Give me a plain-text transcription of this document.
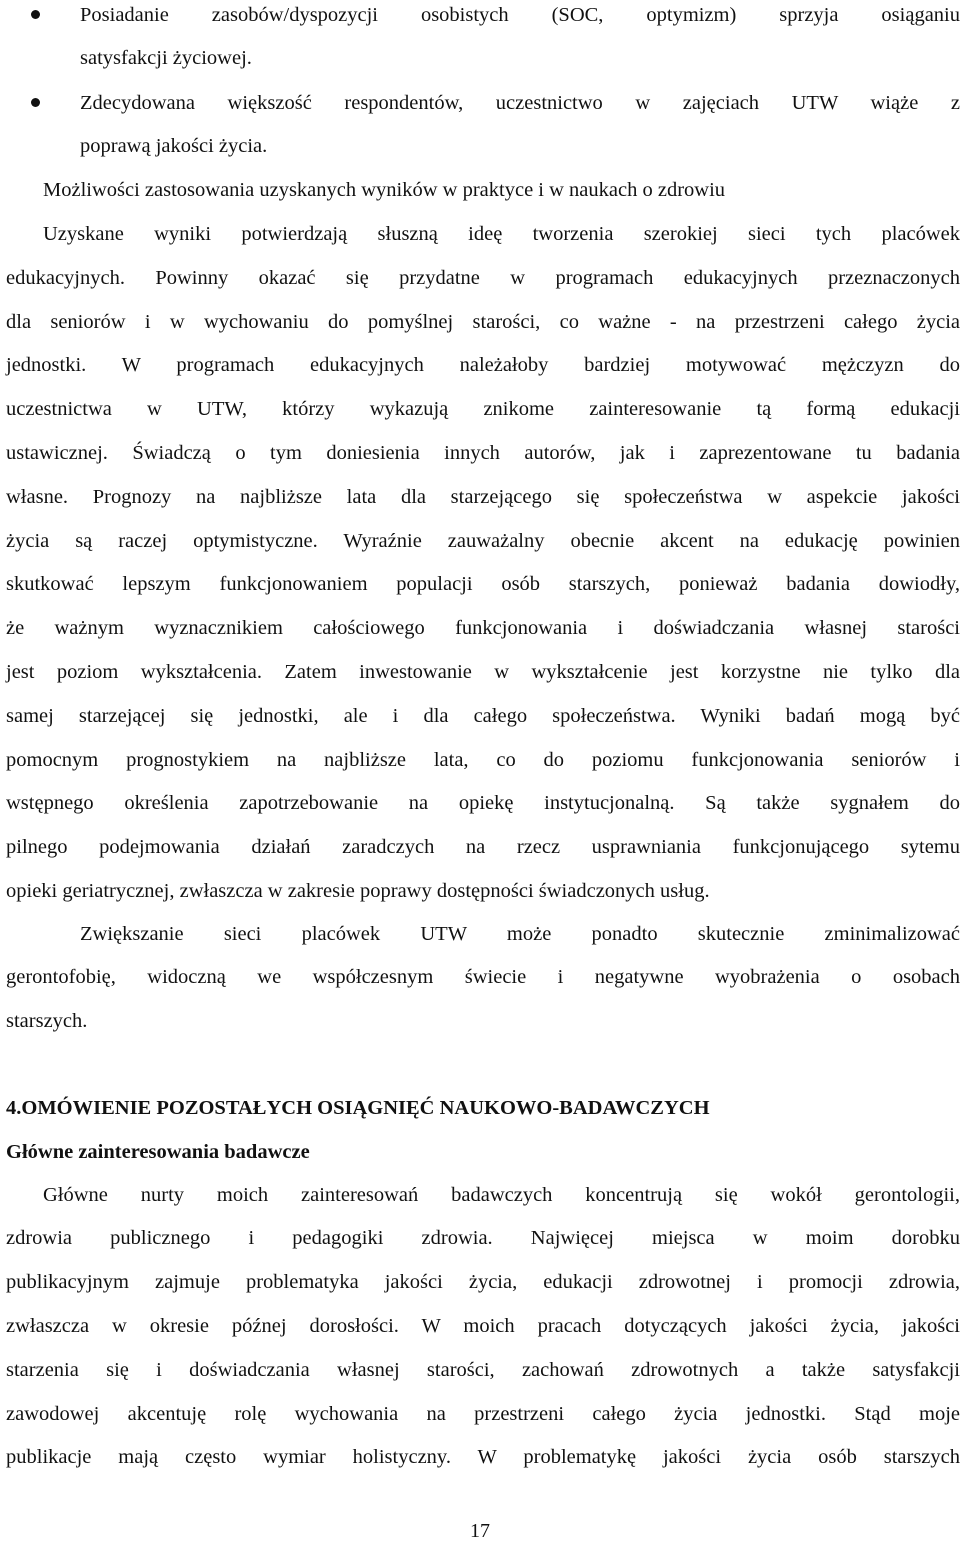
Posiadanie zasobów/dyspozycji osobistych (SOC, optymizm) sprzyja osiąganiu
satysfakcji życiowej.
Zdecydowana większość respondentów, uczestnictwo w zajęciach UTW wiąże z
poprawą jakości życia.
Możliwości zastosowania uzyskanych wyników w praktyce i w naukach o zdrowiu
Uzyskane wyniki potwierdzają słuszną ideę tworzenia szerokiej sieci tych placówek
edukacyjnych. Powinny okazać się przydatne w programach edukacyjnych przeznaczonych
dla seniorów i w wychowaniu do pomyślnej starości, co ważne - na przestrzeni całego życia
jednostki. W programach edukacyjnych należałoby bardziej motywować mężczyzn do
uczestnictwa w UTW, którzy wykazują znikome zainteresowanie tą formą edukacji
ustawicznej. Świadczą o tym doniesienia innych autorów, jak i zaprezentowane tu badania
własne. Prognozy na najbliższe lata dla starzejącego się społeczeństwa w aspekcie jakości
życia są raczej optymistyczne. Wyraźnie zauważalny obecnie akcent na edukację powinien
skutkować lepszym funkcjonowaniem populacji osób starszych, ponieważ badania dowiodły,
że ważnym wyznacznikiem całościowego funkcjonowania i doświadczania własnej starości
jest poziom wykształcenia. Zatem inwestowanie w wykształcenie jest korzystne nie tylko dla
samej starzejącej się jednostki, ale i dla całego społeczeństwa. Wyniki badań mogą być
pomocnym prognostykiem na najbliższe lata, co do poziomu funkcjonowania seniorów i
wstępnego określenia zapotrzebowanie na opiekę instytucjonalną. Są także sygnałem do
pilnego podejmowania działań zaradczych na rzecz usprawniania funkcjonującego sytemu
opieki geriatrycznej, zwłaszcza w zakresie poprawy dostępności świadczonych usług.
Zwiększanie sieci placówek UTW może ponadto skutecznie zminimalizować
gerontofobię, widoczną we współczesnym świecie i negatywne wyobrażenia o osobach
starszych.
4.OMÓWIENIE POZOSTAŁYCH OSIĄGNIĘĆ NAUKOWO-BADAWCZYCH
Główne zainteresowania badawcze
Główne nurty moich zainteresowań badawczych koncentrują się wokół gerontologii,
zdrowia publicznego i pedagogiki zdrowia. Najwięcej miejsca w moim dorobku
publikacyjnym zajmuje problematyka jakości życia, edukacji zdrowotnej i promocji zdrowia,
zwłaszcza w okresie późnej dorosłości. W moich pracach dotyczących jakości życia, jakości
starzenia się i doświadczania własnej starości, zachowań zdrowotnych a także satysfakcji
zawodowej akcentuję rolę wychowania na przestrzeni całego życia jednostki. Stąd moje
publikacje mają często wymiar holistyczny. W problematykę jakości życia osób starszych
17
